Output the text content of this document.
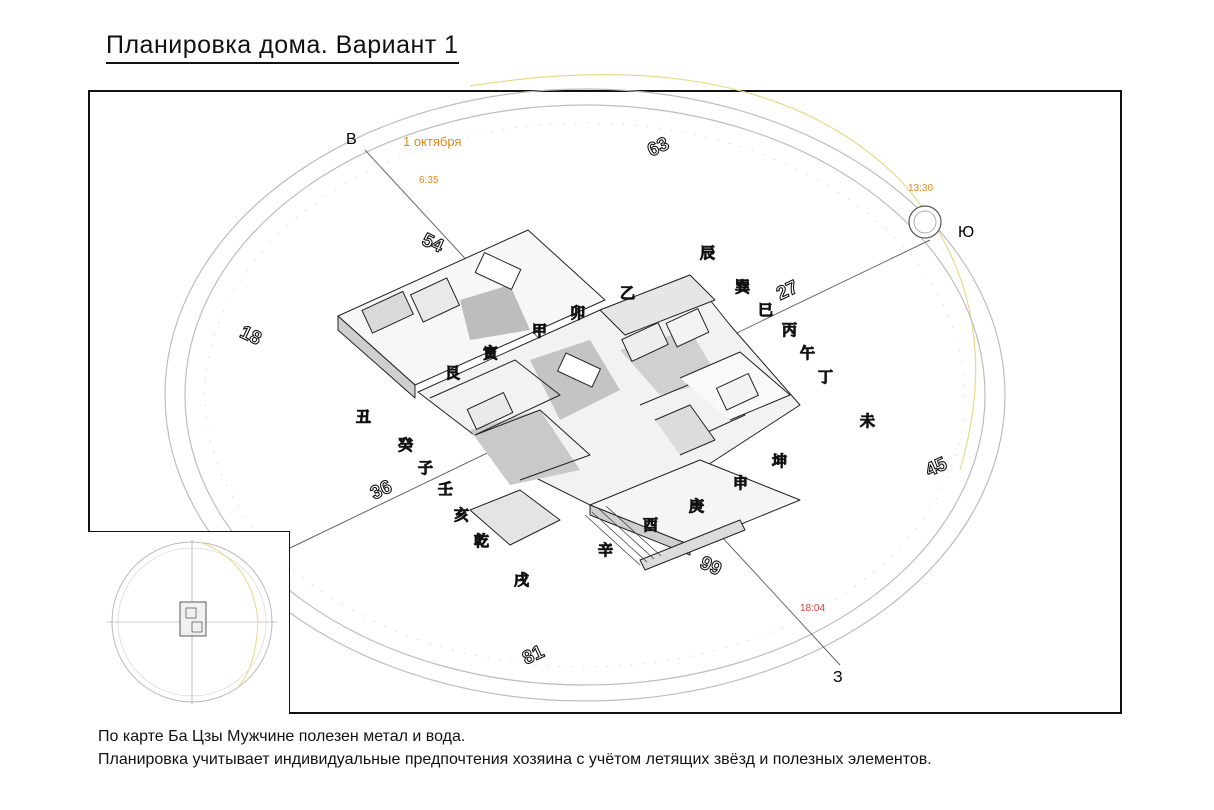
Планировка дома. Вариант 1
В
Ю
З
1 октября
6:35
13:30
18:04
63
54
18
27
36
45
99
81
辰
巽
乙
卯
甲
寅
艮
丑
癸
子
壬
亥
乾
戌
辛
酉
庚
申
坤
未
丁
午
丙
巳
По карте Ба Цзы Мужчине полезен метал и вода.
Планировка учитывает индивидуальные предпочтения хозяина с учётом летящих звёзд и полезных элементов.
